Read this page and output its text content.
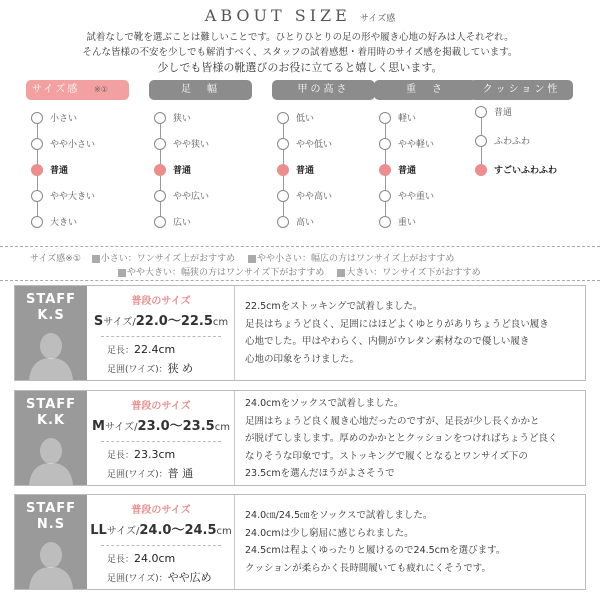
ABOUT SIZE サイズ感
試着なしで靴を選ぶことは難しいことです。ひとりひとりの足の形や履き心地の好みは人それぞれ。
そんな皆様の不安を少しでも解消すべく、スタッフの試着感想・着用時のサイズ感を掲載しています。
少しでも皆様の靴選びのお役に立てると嬉しく思います。
サイズ感	※①
小さい
やや小さい
普通
やや大きい
大きい
足　幅
狭い
やや狭い
普通
やや広い
広い
甲の高さ
低い
やや低い
普通
やや高い
高い
重　さ
軽い
やや軽い
普通
やや重い
重い
クッション性
普通
ふわふわ
すごいふわふわ
サイズ感※① 小さい：ワンサイズ上がおすすめ やや小さい：幅広の方はワンサイズ上がおすすめ
やや大きい：幅狭の方はワンサイズ下がおすすめ 大きい：ワンサイズ下がおすすめ
STAFF
K.S
普段のサイズ
Sサイズ/22.0〜22.5cm
足長：22.4cm
足囲(ワイズ)：狭 め
22.5cmをストッキングで試着しました。
足長はちょうど良く、足囲にはほどよくゆとりがありちょうど良い履き
心地でした。甲はやわらく、内側がウレタン素材なので優しい履き
心地の印象をうけました。
STAFF
K.K
普段のサイズ
Mサイズ/23.0〜23.5cm
足長：23.3cm
足囲(ワイズ)：普 通
24.0cmをソックスで試着しました。
足囲はちょうど良く履き心地だったのですが、足長が少し長くかかと
が脱げてしまします。厚めのかかととクッションをつければちょうど良く
なりそうな印象です。ストッキングで履くとなるとワンサイズ下の
23.5cmを選んだほうがよさそうで
STAFF
N.S
普段のサイズ
LLサイズ/24.0〜24.5cm
足長：24.0cm
足囲(ワイズ)：やや広め
24.0㎝/24.5㎝をソックスで試着しました。
24.0cmは少し窮屈に感じられました。
24.5cmは程よくゆったりと履けるので24.5cmを選びます。
クッションが柔らかく長時間履いても疲れにくそうです。
